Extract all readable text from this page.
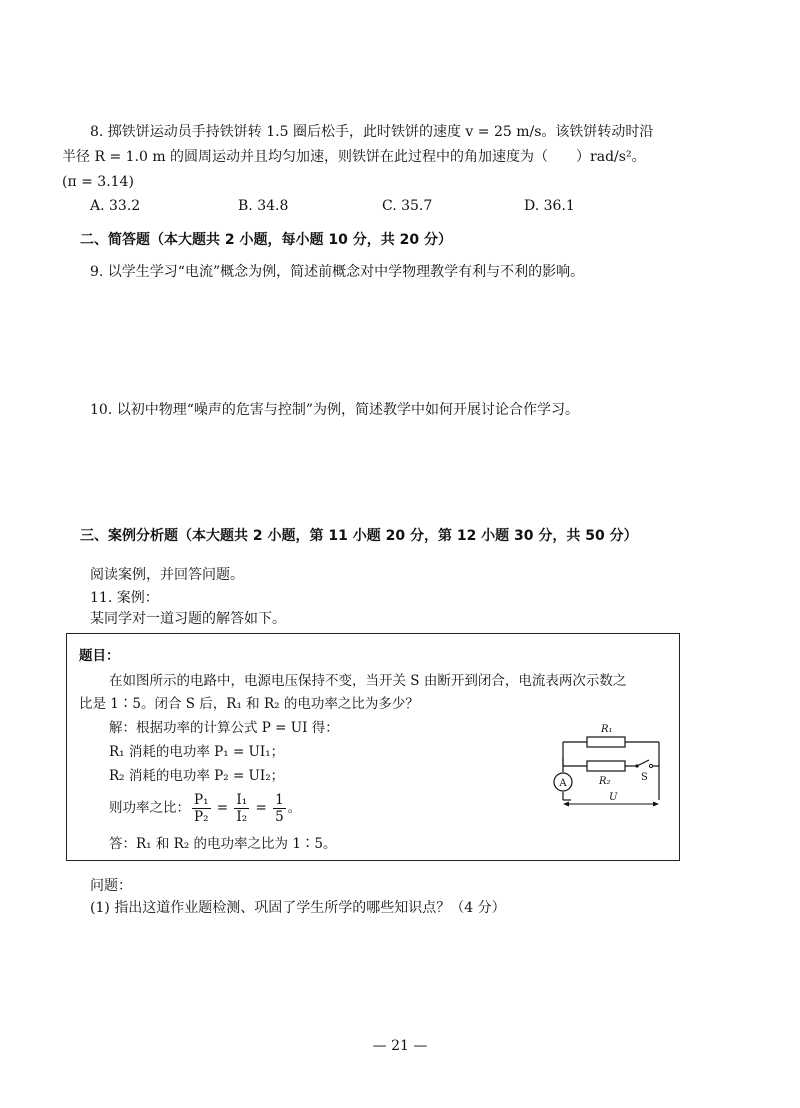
8. 掷铁饼运动员手持铁饼转 1.5 圈后松手，此时铁饼的速度 v = 25 m/s。该铁饼转动时沿
半径 R = 1.0 m 的圆周运动并且均匀加速，则铁饼在此过程中的角加速度为（　　）rad/s²。
(π = 3.14)
A. 33.2	B. 34.8	C. 35.7	D. 36.1
二、简答题（本大题共 2 小题，每小题 10 分，共 20 分）
9. 以学生学习“电流”概念为例，简述前概念对中学物理教学有利与不利的影响。
10. 以初中物理“噪声的危害与控制”为例，简述教学中如何开展讨论合作学习。
三、案例分析题（本大题共 2 小题，第 11 小题 20 分，第 12 小题 30 分，共 50 分）
阅读案例，并回答问题。
11. 案例：
某同学对一道习题的解答如下。
题目：
在如图所示的电路中，电源电压保持不变，当开关 S 由断开到闭合，电流表两次示数之
比是 1∶5。闭合 S 后，R₁ 和 R₂ 的电功率之比为多少？
解：根据功率的计算公式 P = UI 得：
R₁ 消耗的电功率 P₁ = UI₁；
R₂ 消耗的电功率 P₂ = UI₂；
则功率之比： $\frac{\text{P₁}}{\text{P₂}} = \frac{\text{I₁}}{\text{I₂}} = \frac{1}{5}$ 。
答：R₁ 和 R₂ 的电功率之比为 1∶5。
A
R₁
R₂	S
U
问题：
(1) 指出这道作业题检测、巩固了学生所学的哪些知识点？（4 分）
— 21 —
